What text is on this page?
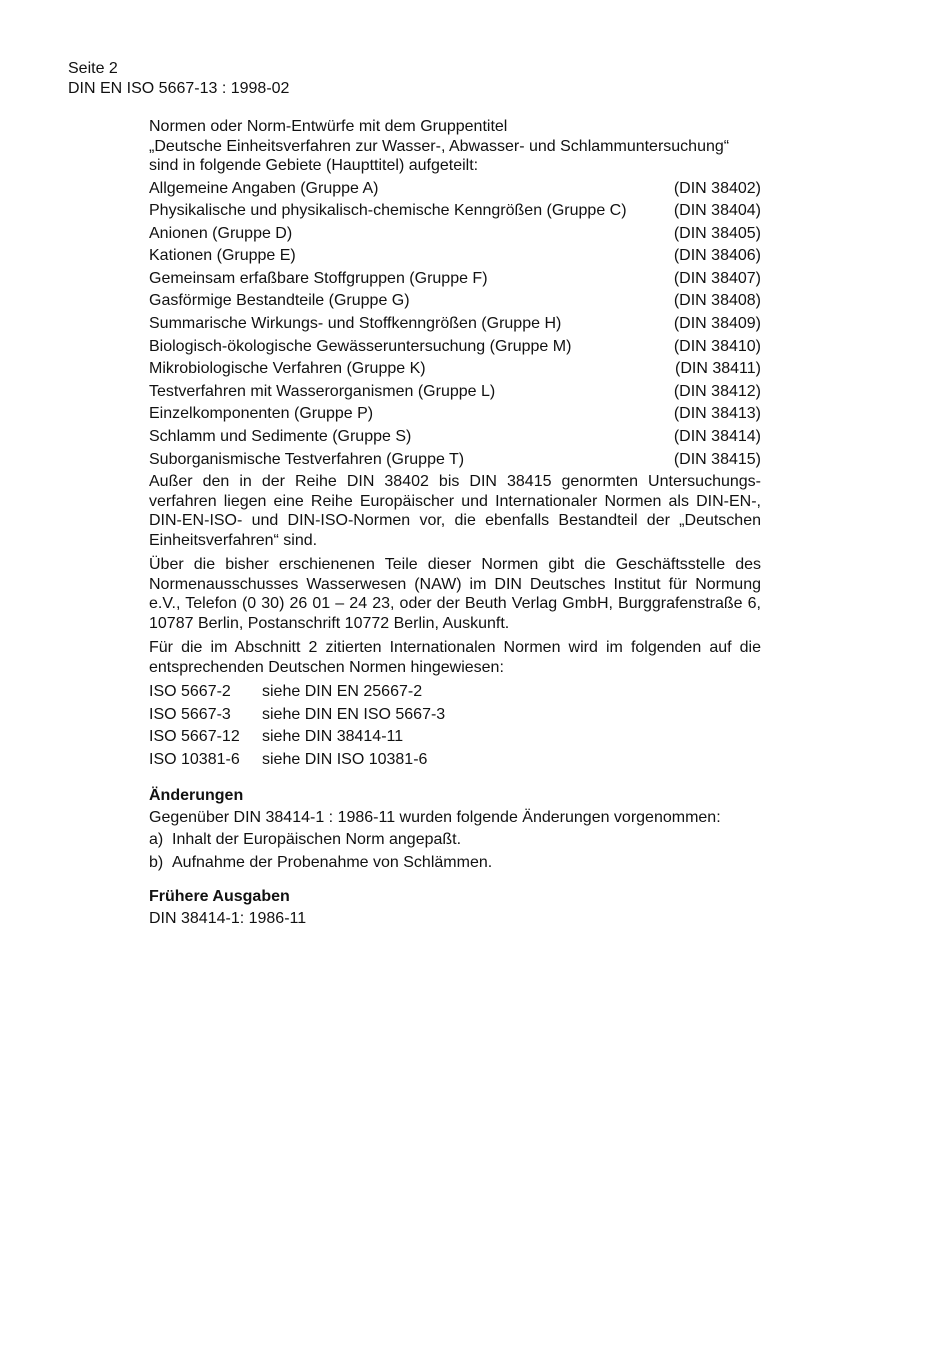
Seite 2
DIN EN ISO 5667-13 : 1998-02
Normen oder Norm-Entwürfe mit dem Gruppentitel
„Deutsche Einheitsverfahren zur Wasser-, Abwasser- und Schlammuntersuchung“
sind in folgende Gebiete (Haupttitel) aufgeteilt:
Allgemeine Angaben (Gruppe A)	(DIN 38402)
Physikalische und physikalisch-chemische Kenngrößen (Gruppe C)	(DIN 38404)
Anionen (Gruppe D)	(DIN 38405)
Kationen (Gruppe E)	(DIN 38406)
Gemeinsam erfaßbare Stoffgruppen (Gruppe F)	(DIN 38407)
Gasförmige Bestandteile (Gruppe G)	(DIN 38408)
Summarische Wirkungs- und Stoffkenngrößen (Gruppe H)	(DIN 38409)
Biologisch-ökologische Gewässeruntersuchung (Gruppe M)	(DIN 38410)
Mikrobiologische Verfahren (Gruppe K)	(DIN 38411)
Testverfahren mit Wasserorganismen (Gruppe L)	(DIN 38412)
Einzelkomponenten (Gruppe P)	(DIN 38413)
Schlamm und Sedimente (Gruppe S)	(DIN 38414)
Suborganismische Testverfahren (Gruppe T)	(DIN 38415)

Außer den in der Reihe DIN 38402 bis DIN 38415 genormten Untersuchungs-verfahren liegen eine Reihe Europäischer und Internationaler Normen als DIN-EN-, DIN-EN-ISO- und DIN-ISO-Normen vor, die ebenfalls Bestandteil der „Deutschen Einheitsverfahren“ sind.

Über die bisher erschienenen Teile dieser Normen gibt die Geschäftsstelle des Normenausschusses Wasserwesen (NAW) im DIN Deutsches Institut für Normung e.V., Telefon (0 30) 26 01 – 24 23, oder der Beuth Verlag GmbH, Burggrafenstraße 6, 10787 Berlin, Postanschrift 10772 Berlin, Auskunft.

Für die im Abschnitt 2 zitierten Internationalen Normen wird im folgenden auf die entsprechenden Deutschen Normen hingewiesen:

ISO 5667-2	siehe DIN EN 25667-2
ISO 5667-3	siehe DIN EN ISO 5667-3
ISO 5667-12	siehe DIN 38414-11
ISO 10381-6	siehe DIN ISO 10381-6
Änderungen
Gegenüber DIN 38414-1 : 1986-11 wurden folgende Änderungen vorgenommen:
a) Inhalt der Europäischen Norm angepaßt.
b) Aufnahme der Probenahme von Schlämmen.
Frühere Ausgaben
DIN 38414-1: 1986-11
